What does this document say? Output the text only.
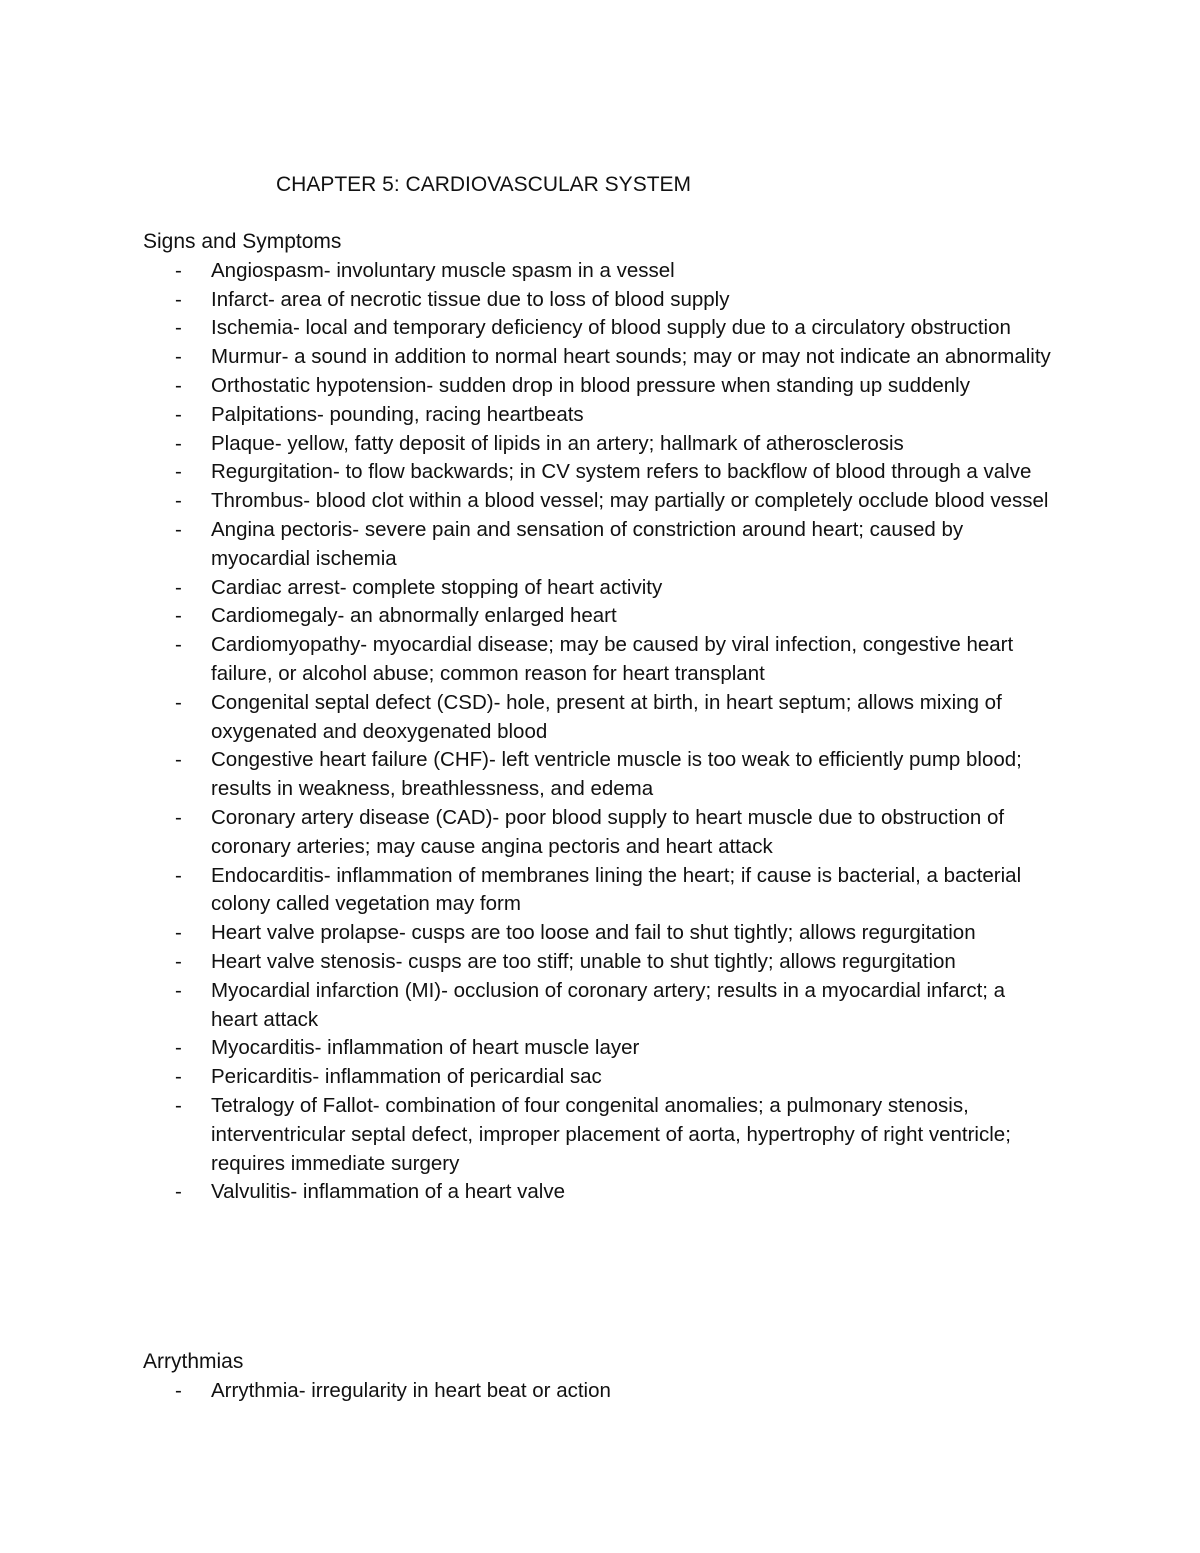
CHAPTER 5: CARDIOVASCULAR SYSTEM
Signs and Symptoms
- Angiospasm- involuntary muscle spasm in a vessel
- Infarct- area of necrotic tissue due to loss of blood supply
- Ischemia- local and temporary deficiency of blood supply due to a circulatory obstruction
- Murmur- a sound in addition to normal heart sounds; may or may not indicate an abnormality
- Orthostatic hypotension- sudden drop in blood pressure when standing up suddenly
- Palpitations- pounding, racing heartbeats
- Plaque- yellow, fatty deposit of lipids in an artery; hallmark of atherosclerosis
- Regurgitation- to flow backwards; in CV system refers to backflow of blood through a valve
- Thrombus- blood clot within a blood vessel; may partially or completely occlude blood vessel
- Angina pectoris- severe pain and sensation of constriction around heart; caused by myocardial ischemia
- Cardiac arrest- complete stopping of heart activity
- Cardiomegaly- an abnormally enlarged heart
- Cardiomyopathy- myocardial disease; may be caused by viral infection, congestive heart failure, or alcohol abuse; common reason for heart transplant
- Congenital septal defect (CSD)- hole, present at birth, in heart septum; allows mixing of oxygenated and deoxygenated blood
- Congestive heart failure (CHF)- left ventricle muscle is too weak to efficiently pump blood; results in weakness, breathlessness, and edema
- Coronary artery disease (CAD)- poor blood supply to heart muscle due to obstruction of coronary arteries; may cause angina pectoris and heart attack
- Endocarditis- inflammation of membranes lining the heart; if cause is bacterial, a bacterial colony called vegetation may form
- Heart valve prolapse- cusps are too loose and fail to shut tightly; allows regurgitation
- Heart valve stenosis- cusps are too stiff; unable to shut tightly; allows regurgitation
- Myocardial infarction (MI)- occlusion of coronary artery; results in a myocardial infarct; a heart attack
- Myocarditis- inflammation of heart muscle layer
- Pericarditis- inflammation of pericardial sac
- Tetralogy of Fallot- combination of four congenital anomalies; a pulmonary stenosis, interventricular septal defect, improper placement of aorta, hypertrophy of right ventricle; requires immediate surgery
- Valvulitis- inflammation of a heart valve
Arrythmias
- Arrythmia- irregularity in heart beat or action
